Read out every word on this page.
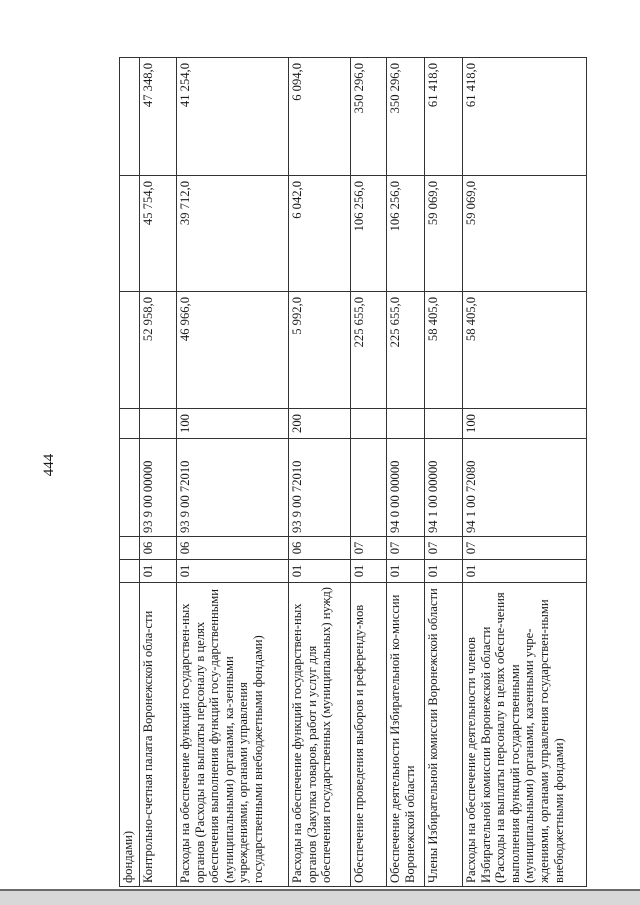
444
фондами)							
Контрольно-счетная палата Воронежской обла-сти	01	06	93 9 00 00000		52 958,0	45 754,0	47 348,0
Расходы на обеспечение функций государствен-ных органов (Расходы на выплаты персоналу в целях обеспечения выполнения функций госу-дарственными (муниципальными) органами, ка-зенными учреждениями, органами управления государственными внебюджетными фондами)	01	06	93 9 00 72010	100	46 966,0	39 712,0	41 254,0
Расходы на обеспечение функций государствен-ных органов (Закупка товаров, работ и услуг для обеспечения государственных (муниципальных) нужд)	01	06	93 9 00 72010	200	5 992,0	6 042,0	6 094,0
Обеспечение проведения выборов и референду-мов	01	07			225 655,0	106 256,0	350 296,0
Обеспечение деятельности Избирательной ко-миссии Воронежской области	01	07	94 0 00 00000		225 655,0	106 256,0	350 296,0
Члены Избирательной комиссии Воронежской области	01	07	94 1 00 00000		58 405,0	59 069,0	61 418,0
Расходы на обеспечение деятельности членов Избирательной комиссии Воронежской области (Расходы на выплаты персоналу в целях обеспе-чения выполнения функций государственными (муниципальными) органами, казенными учре-ждениями, органами управления государствен-ными внебюджетными фондами)	01	07	94 1 00 72080	100	58 405,0	59 069,0	61 418,0
